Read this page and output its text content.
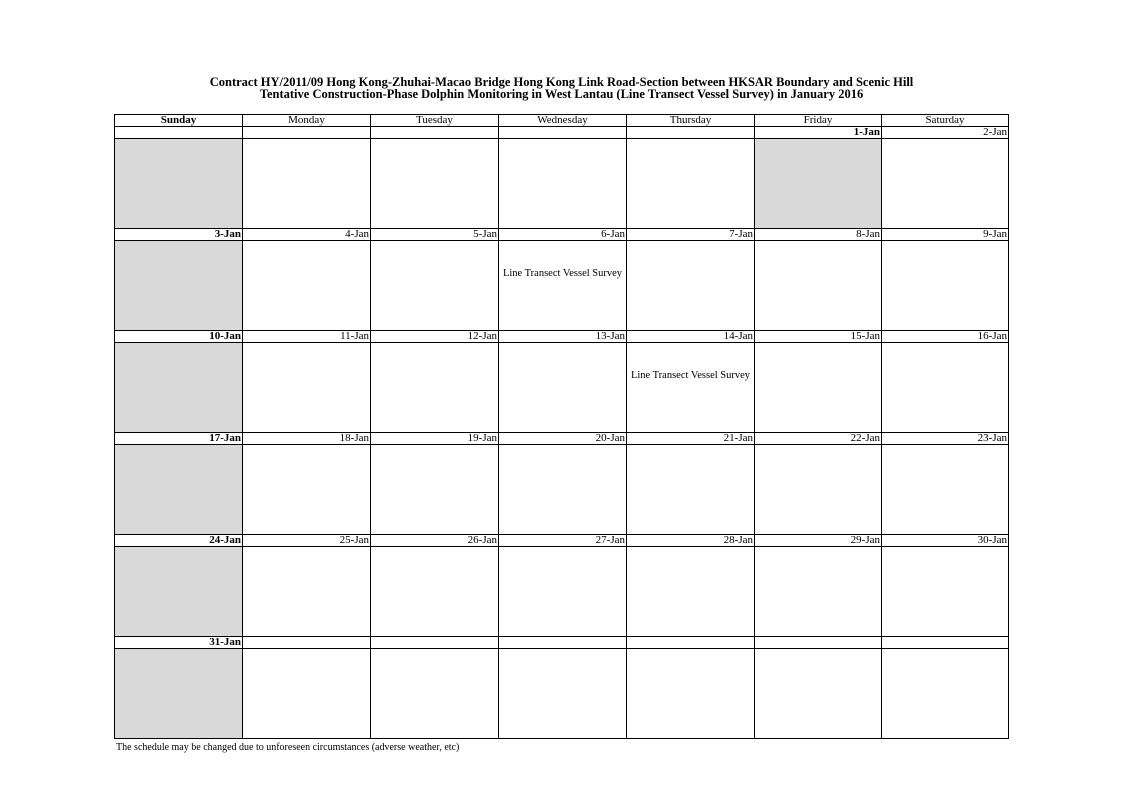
Contract HY/2011/09 Hong Kong-Zhuhai-Macao Bridge Hong Kong Link Road-Section between HKSAR Boundary and Scenic Hill
Tentative Construction-Phase Dolphin Monitoring in West Lantau (Line Transect Vessel Survey) in January 2016
Sunday	Monday	Tuesday	Wednesday	Thursday	Friday	Saturday
					1-Jan	2-Jan

3-Jan	4-Jan	5-Jan	6-Jan	7-Jan	8-Jan	9-Jan

			Line Transect Vessel Survey			

10-Jan	11-Jan	12-Jan	13-Jan	14-Jan	15-Jan	16-Jan

				Line Transect Vessel Survey		

17-Jan	18-Jan	19-Jan	20-Jan	21-Jan	22-Jan	23-Jan

24-Jan	25-Jan	26-Jan	27-Jan	28-Jan	29-Jan	30-Jan

31-Jan						

The schedule may be changed due to unforeseen circumstances (adverse weather, etc)
